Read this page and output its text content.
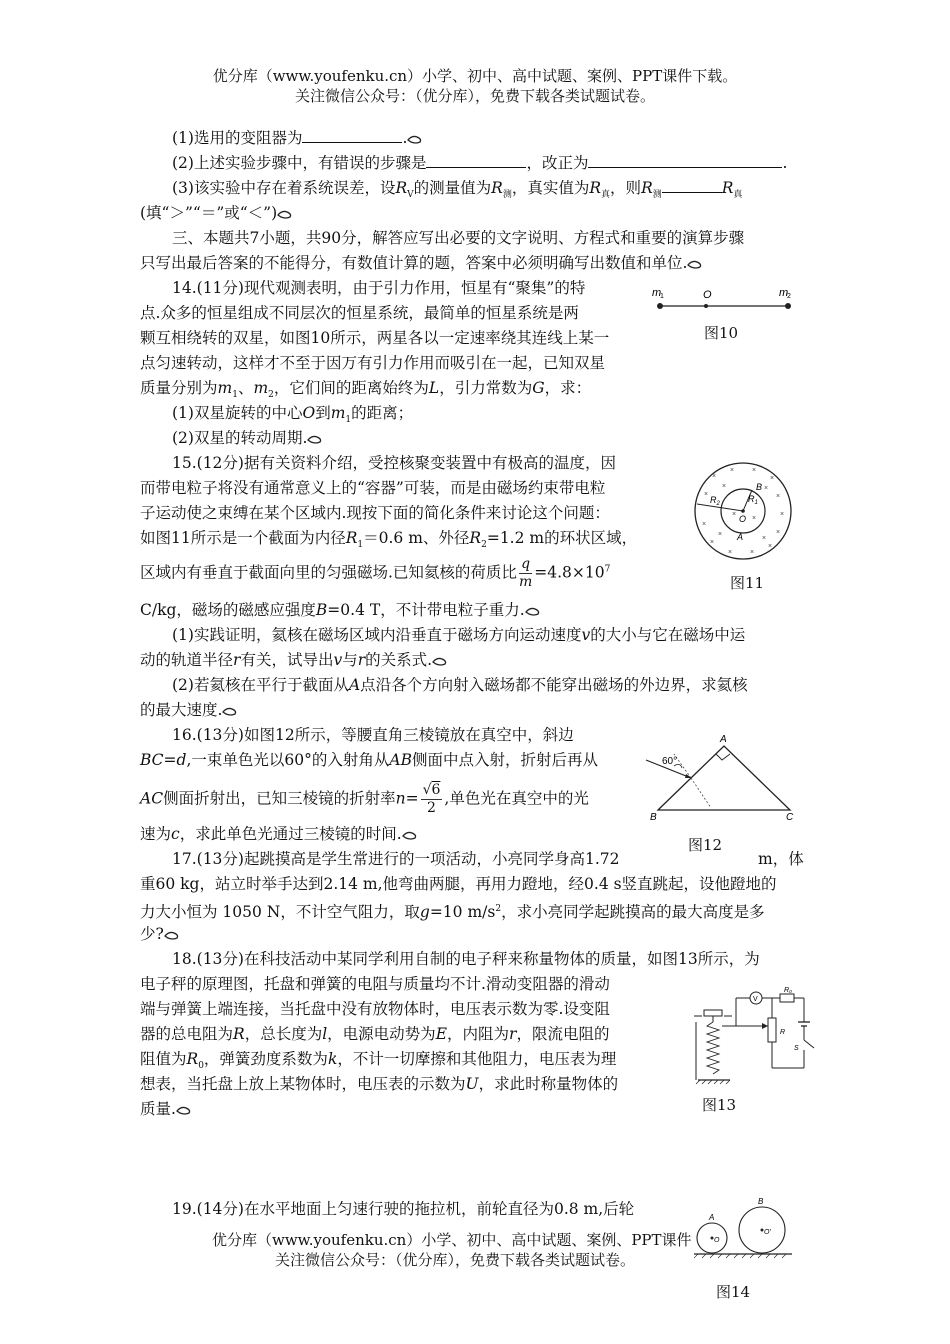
优分库（www.youfenku.cn）小学、初中、高中试题、案例、PPT课件下载。
关注微信公众号：（优分库），免费下载各类试题试卷。
(1)选用的变阻器为	.
(2)上述实验步骤中，有错误的步骤是	，改正为	.
(3)该实验中存在着系统误差，设$R_V$的测量值为$R_测$，真实值为$R_真$，则$R_测$	$R_真$
(填“＞”“＝”或“＜”)
三、本题共7小题，共90分，解答应写出必要的文字说明、方程式和重要的演算步骤
只写出最后答案的不能得分，有数值计算的题，答案中必须明确写出数值和单位.
14.(11分)现代观测表明，由于引力作用，恒星有“聚集”的特
点.众多的恒星组成不同层次的恒星系统，最简单的恒星系统是两
颗互相绕转的双星，如图10所示，两星各以一定速率绕其连线上某一
点匀速转动，这样才不至于因万有引力作用而吸引在一起，已知双星
质量分别为$m_1$、$m_2$，它们间的距离始终为L，引力常数为G，求：
(1)双星旋转的中心O到$m_1$的距离；
(2)双星的转动周期.
m
1	O	m
2
图10
15.(12分)据有关资料介绍，受控核聚变装置中有极高的温度，因
而带电粒子将没有通常意义上的“容器”可装，而是由磁场约束带电粒
子运动使之束缚在某个区域内.现按下面的简化条件来讨论这个问题：
如图11所示是一个截面为内径$R_1=0.6$ m、外径$R_2=1.2$ m的环状区域，
区域内有垂直于截面向里的匀强磁场.已知氦核的荷质比 $\frac{q}{m} =4.8\times 10^7$
C/kg，磁场的磁感应强度B=0.4 T，不计带电粒子重力.
(1)实践证明，氦核在磁场区域内沿垂直于磁场方向运动速度v的大小与它在磁场中运
动的轨道半径r有关，试导出v与r的关系式.
(2)若氦核在平行于截面从A点沿各个方向射入磁场都不能穿出磁场的外边界，求氦核
的最大速度.
×
×	×
×
×	×
×
×
×
×
×	×
×
×	×
×
×
×
×
$R_2$	$R_1$
O
A
B
图11
16.(13分)如图12所示，等腰直角三棱镜放在真空中，斜边
BC=d,一束单色光以60°的入射角从AB侧面中点入射，折射后再从
AC侧面折射出，已知三棱镜的折射率$n= \frac{√6}{2}$ ,单色光在真空中的光
速为c，求此单色光通过三棱镜的时间.
60°
A
B	C
图12
17.(13分)起跳摸高是学生常进行的一项活动，小亮同学身高1.72	m，体
重60 kg，站立时举手达到2.14 m,他弯曲两腿，再用力蹬地，经0.4 s竖直跳起，设他蹬地的
力大小恒为 1050 N，不计空气阻力，取g=10 $m/s^2$，求小亮同学起跳摸高的最大高度是多
少?
18.(13分)在科技活动中某同学利用自制的电子秤来称量物体的质量，如图13所示，为
电子秤的原理图，托盘和弹簧的电阻与质量均不计.滑动变阻器的滑动
端与弹簧上端连接，当托盘中没有放物体时，电压表示数为零.设变阻
器的总电阻为R，总长度为l，电源电动势为E，内阻为r，限流电阻的
阻值为$R_0$，弹簧劲度系数为k，不计一切摩擦和其他阻力，电压表为理
想表，当托盘上放上某物体时，电压表的示数为U，求此时称量物体的
质量.
V
R₀
S
R
图13
19.(14分)在水平地面上匀速行驶的拖拉机，前轮直径为0.8 m,后轮	A
B
O
O′
优分库（www.youfenku.cn）小学、初中、高中试题、案例、PPT课件
关注微信公众号：（优分库），免费下载各类试题试卷。
图14
